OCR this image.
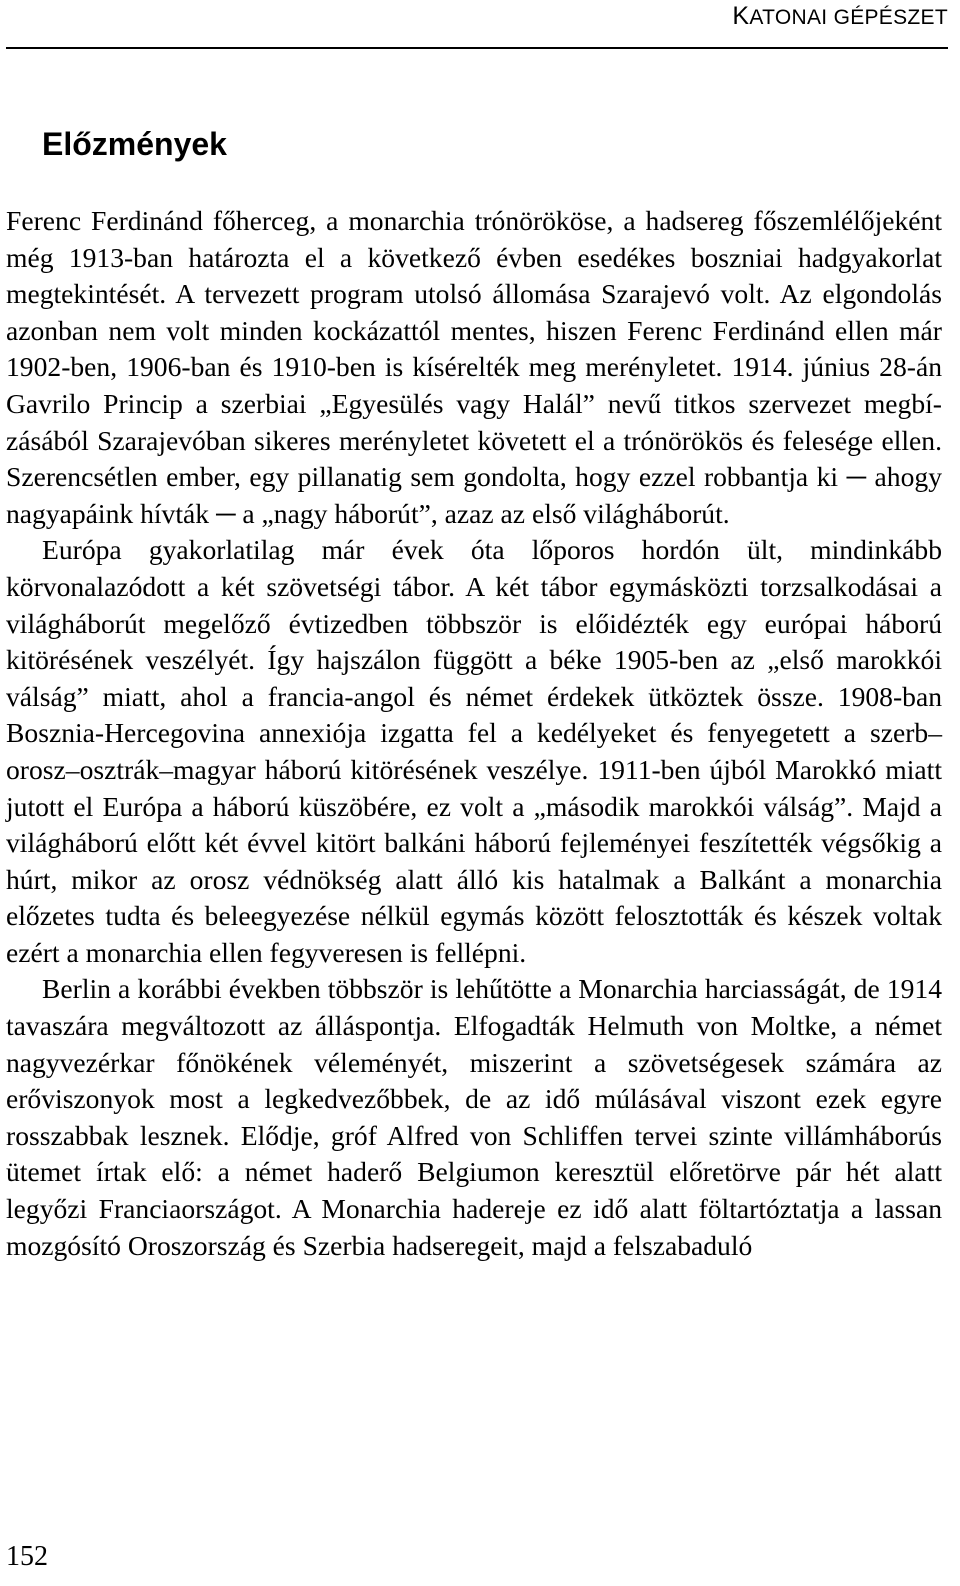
KATONAI GÉPÉSZET
Előzmények

Ferenc Ferdinánd főherceg, a monarchia trónörököse, a hadsereg főszemlélőjeként még 1913-ban határozta el a következő évben esedékes boszniai hadgyakorlat megtekintését. A tervezett program utolsó állomása Szarajevó volt. Az elgondolás azonban nem volt minden kockázattól mentes, hiszen Ferenc Ferdinánd ellen már 1902-ben, 1906-ban és 1910-ben is kísérelték meg merényletet. 1914. június 28-án Gavrilo Princip a szerbiai „Egyesülés vagy Halál” nevű titkos szervezet megbízásából Szarajevóban sikeres merényletet követett el a trónörökös és felesége ellen. Szerencsétlen ember, egy pillanatig sem gondolta, hogy ezzel robbantja ki ─ ahogy nagyapáink hívták ─ a „nagy háborút”, azaz az első világháborút.

Európa gyakorlatilag már évek óta lőporos hordón ült, mindinkább körvonalazódott a két szövetségi tábor. A két tábor egymásközti torzsalkodásai a világháborút megelőző évtizedben többször is előidézték egy európai háború kitörésének veszélyét. Így hajszálon függött a béke 1905-ben az „első marokkói válság” miatt, ahol a francia-angol és német érdekek ütköztek össze. 1908-ban Bosznia-Hercegovina annexiója izgatta fel a kedélyeket és fenyegetett a szerb–orosz–osztrák–magyar háború kitörésének veszélye. 1911-ben újból Marokkó miatt jutott el Európa a háború küszöbére, ez volt a „második marokkói válság”. Majd a világháború előtt két évvel kitört balkáni háború fejleményei feszítették végsőkig a húrt, mikor az orosz védnökség alatt álló kis hatalmak a Balkánt a monarchia előzetes tudta és beleegyezése nélkül egymás között felosztották és készek voltak ezért a monarchia ellen fegyveresen is fellépni.

Berlin a korábbi években többször is lehűtötte a Monarchia harciasságát, de 1914 tavaszára megváltozott az álláspontja. Elfogadták Helmuth von Moltke, a német nagyvezérkar főnökének véleményét, miszerint a szövetségesek számára az erőviszonyok most a legkedvezőbbek, de az idő múlásával viszont ezek egyre rosszabbak lesznek. Elődje, gróf Alfred von Schliffen tervei szinte villámháborús ütemet írtak elő: a német haderő Belgiumon keresztül előretörve pár hét alatt legyőzi Franciaországot. A Monarchia hadereje ez idő alatt föltartóztatja a lassan mozgósító Oroszország és Szerbia hadseregeit, majd a felszabaduló

152
